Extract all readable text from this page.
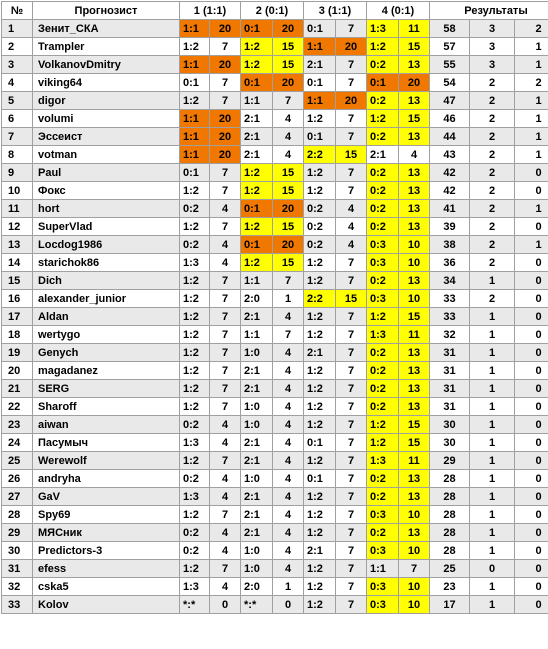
№	Прогнозист	1 (1:1)		2 (0:1)		3 (1:1)		4 (0:1)		Результаты		
1	Зенит_СКА	1:1	20	0:1	20	0:1	7	1:3	11	58	3	2
2	Trampler	1:2	7	1:2	15	1:1	20	1:2	15	57	3	1
3	VolkanovDmitry	1:1	20	1:2	15	2:1	7	0:2	13	55	3	1
4	viking64	0:1	7	0:1	20	0:1	7	0:1	20	54	2	2
5	digor	1:2	7	1:1	7	1:1	20	0:2	13	47	2	1
6	volumi	1:1	20	2:1	4	1:2	7	1:2	15	46	2	1
7	Эссеист	1:1	20	2:1	4	0:1	7	0:2	13	44	2	1
8	votman	1:1	20	2:1	4	2:2	15	2:1	4	43	2	1
9	Paul	0:1	7	1:2	15	1:2	7	0:2	13	42	2	0
10	Фокс	1:2	7	1:2	15	1:2	7	0:2	13	42	2	0
11	hort	0:2	4	0:1	20	0:2	4	0:2	13	41	2	1
12	SuperVlad	1:2	7	1:2	15	0:2	4	0:2	13	39	2	0
13	Locdog1986	0:2	4	0:1	20	0:2	4	0:3	10	38	2	1
14	starichok86	1:3	4	1:2	15	1:2	7	0:3	10	36	2	0
15	Dich	1:2	7	1:1	7	1:2	7	0:2	13	34	1	0
16	alexander_junior	1:2	7	2:0	1	2:2	15	0:3	10	33	2	0
17	Aldan	1:2	7	2:1	4	1:2	7	1:2	15	33	1	0
18	wertygo	1:2	7	1:1	7	1:2	7	1:3	11	32	1	0
19	Genych	1:2	7	1:0	4	2:1	7	0:2	13	31	1	0
20	magadanez	1:2	7	2:1	4	1:2	7	0:2	13	31	1	0
21	SERG	1:2	7	2:1	4	1:2	7	0:2	13	31	1	0
22	Sharoff	1:2	7	1:0	4	1:2	7	0:2	13	31	1	0
23	aiwan	0:2	4	1:0	4	1:2	7	1:2	15	30	1	0
24	Пасумыч	1:3	4	2:1	4	0:1	7	1:2	15	30	1	0
25	Werewolf	1:2	7	2:1	4	1:2	7	1:3	11	29	1	0
26	andryha	0:2	4	1:0	4	0:1	7	0:2	13	28	1	0
27	GaV	1:3	4	2:1	4	1:2	7	0:2	13	28	1	0
28	Spy69	1:2	7	2:1	4	1:2	7	0:3	10	28	1	0
29	МЯСник	0:2	4	2:1	4	1:2	7	0:2	13	28	1	0
30	Predictors-3	0:2	4	1:0	4	2:1	7	0:3	10	28	1	0
31	efess	1:2	7	1:0	4	1:2	7	1:1	7	25	0	0
32	cska5	1:3	4	2:0	1	1:2	7	0:3	10	23	1	0
33	Kolov	*:*	0	*:*	0	1:2	7	0:3	10	17	1	0
